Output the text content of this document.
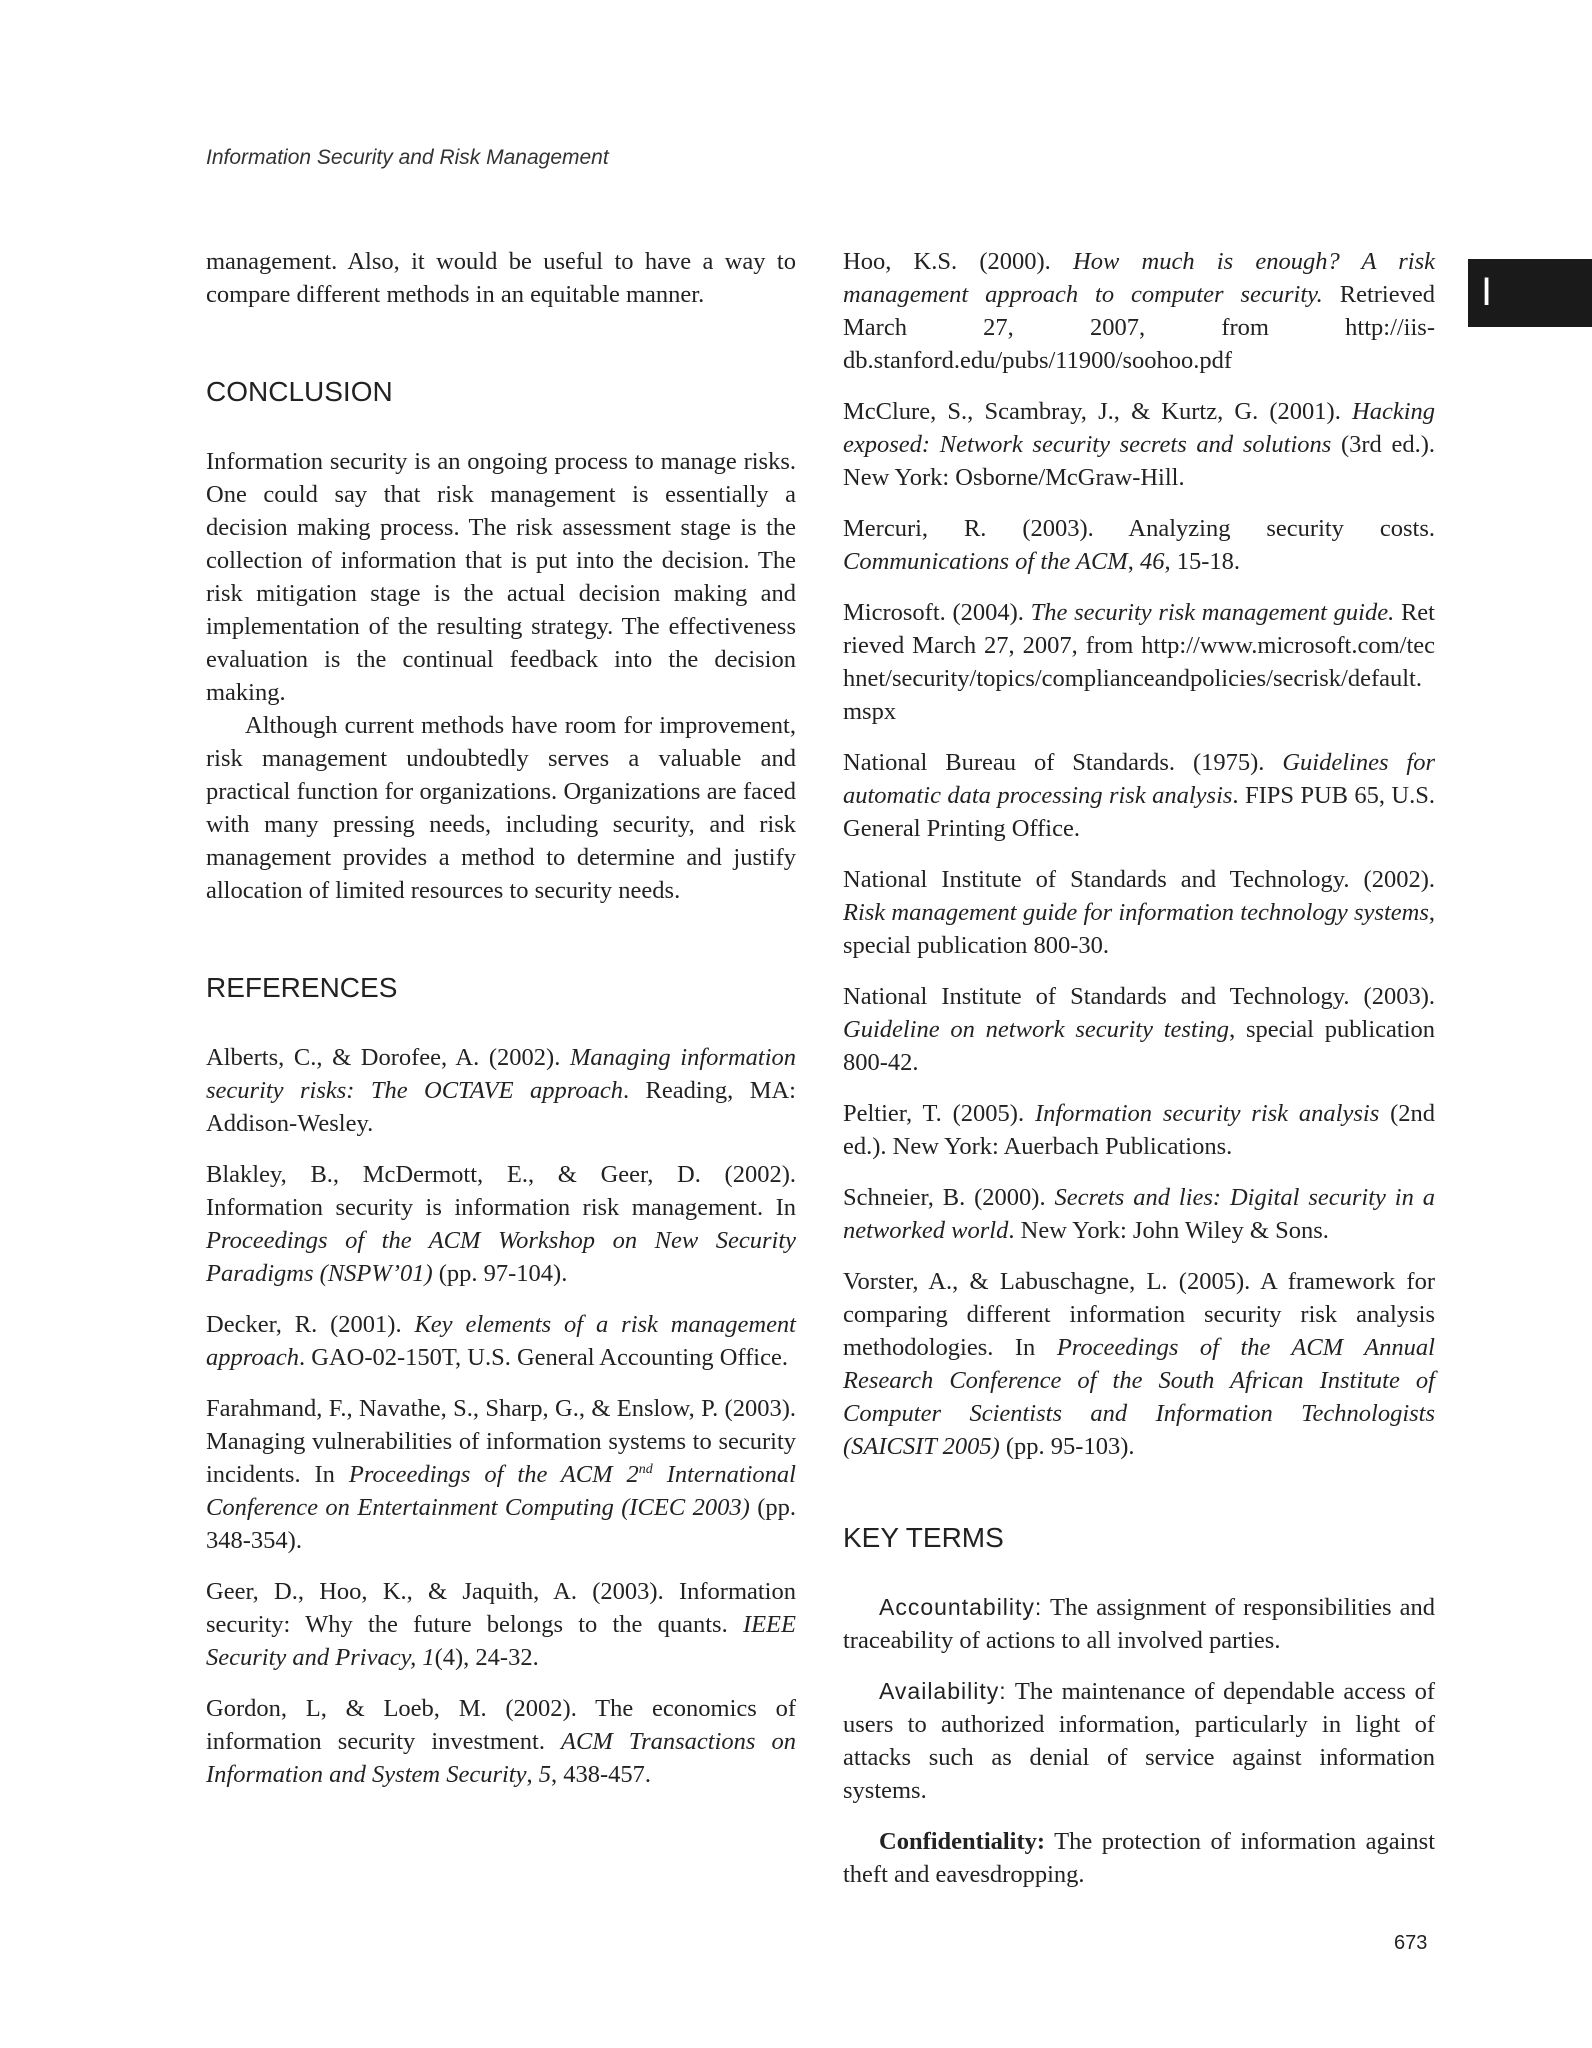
Information Security and Risk Management
I

management. Also, it would be useful to have a way to compare different methods in an equitable manner.

CONCLUSION

Information security is an ongoing process to manage risks. One could say that risk management is essentially a decision making process. The risk assessment stage is the collection of information that is put into the decision. The risk mitigation stage is the actual decision making and implementation of the resulting strategy. The effectiveness evaluation is the continual feedback into the decision making.

Although current methods have room for improvement, risk management undoubtedly serves a valuable and practical function for organizations. Organizations are faced with many pressing needs, including security, and risk management provides a method to determine and justify allocation of limited resources to security needs.

REFERENCES

Alberts, C., & Dorofee, A. (2002). Managing information security risks: The OCTAVE approach. Reading, MA: Addison-Wesley.

Blakley, B., McDermott, E., & Geer, D. (2002). Information security is information risk management. In Proceedings of the ACM Workshop on New Security Paradigms (NSPW’01) (pp. 97-104).

Decker, R. (2001). Key elements of a risk management approach. GAO-02-150T, U.S. General Accounting Office.

Farahmand, F., Navathe, S., Sharp, G., & Enslow, P. (2003). Managing vulnerabilities of information systems to security incidents. In Proceedings of the ACM 2nd International Conference on Entertainment Computing (ICEC 2003) (pp. 348-354).

Geer, D., Hoo, K., & Jaquith, A. (2003). Information security: Why the future belongs to the quants. IEEE Security and Privacy, 1(4), 24-32.

Gordon, L, & Loeb, M. (2002). The economics of information security investment. ACM Transactions on Information and System Security, 5, 438-457.

Hoo, K.S. (2000). How much is enough? A risk management approach to computer security. Retrieved March 27, 2007, from http://iis-db.stanford.edu/pubs/11900/soohoo.pdf

McClure, S., Scambray, J., & Kurtz, G. (2001). Hacking exposed: Network security secrets and solutions (3rd ed.). New York: Osborne/McGraw-Hill.

Mercuri, R. (2003). Analyzing security costs. Communications of the ACM, 46, 15-18.

Microsoft. (2004). The security risk management guide. Retrieved March 27, 2007, from http://www.microsoft.com/technet/security/topics/complianceandpolicies/secrisk/default.mspx

National Bureau of Standards. (1975). Guidelines for automatic data processing risk analysis. FIPS PUB 65, U.S. General Printing Office.

National Institute of Standards and Technology. (2002). Risk management guide for information technology systems, special publication 800-30.

National Institute of Standards and Technology. (2003). Guideline on network security testing, special publication 800-42.

Peltier, T. (2005). Information security risk analysis (2nd ed.). New York: Auerbach Publications.

Schneier, B. (2000). Secrets and lies: Digital security in a networked world. New York: John Wiley & Sons.

Vorster, A., & Labuschagne, L. (2005). A framework for comparing different information security risk analysis methodologies. In Proceedings of the ACM Annual Research Conference of the South African Institute of Computer Scientists and Information Technologists (SAICSIT 2005) (pp. 95-103).

KEY TERMS

Accountability: The assignment of responsibilities and traceability of actions to all involved parties.

Availability: The maintenance of dependable access of users to authorized information, particularly in light of attacks such as denial of service against information systems.

Confidentiality: The protection of information against theft and eavesdropping.

673
